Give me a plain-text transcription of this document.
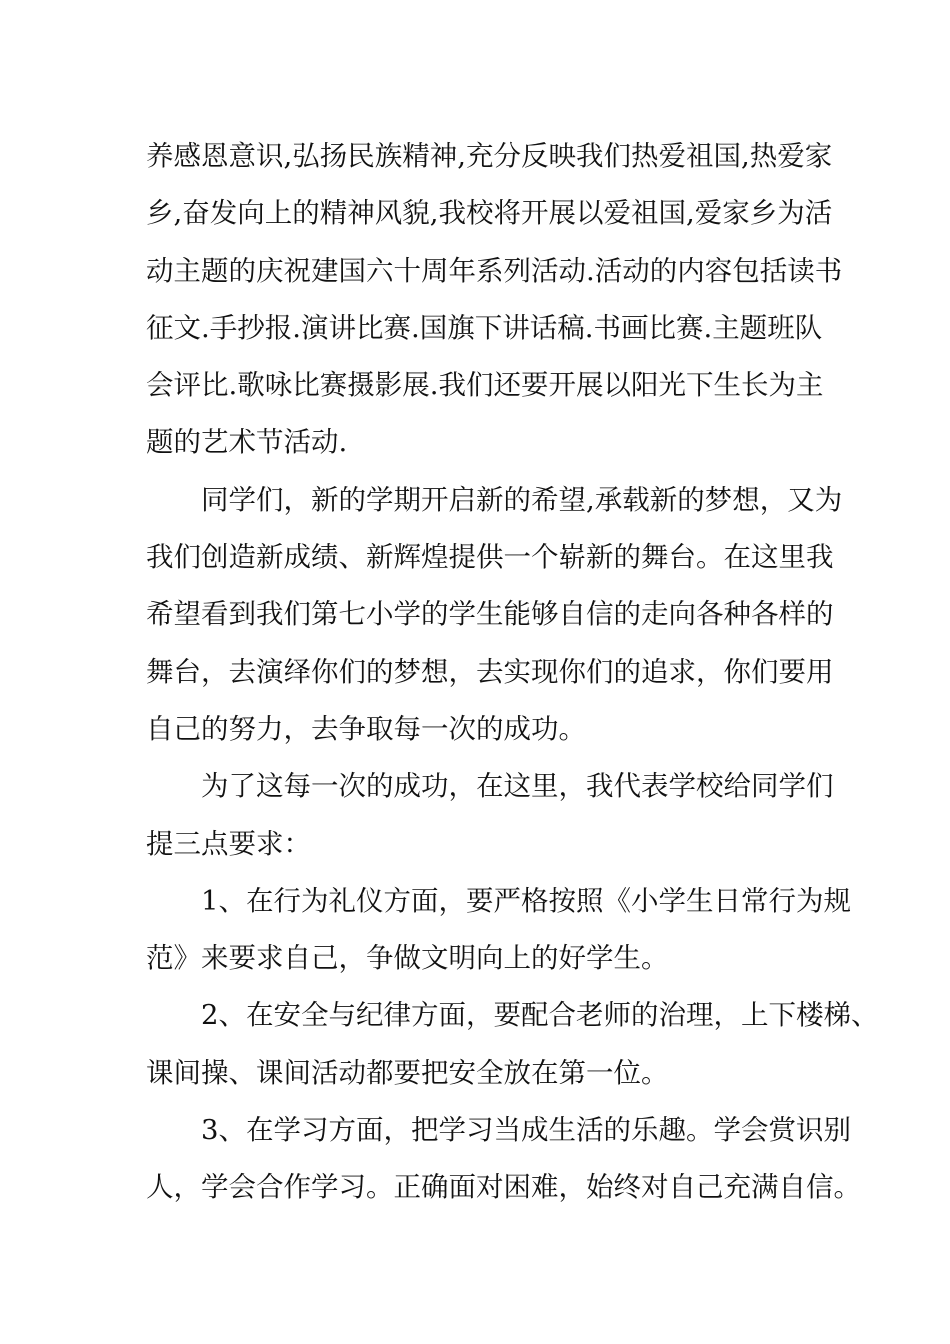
养感恩意识,弘扬民族精神,充分反映我们热爱祖国,热爱家
乡,奋发向上的精神风貌,我校将开展以爱祖国,爱家乡为活
动主题的庆祝建国六十周年系列活动.活动的内容包括读书
征文.手抄报.演讲比赛.国旗下讲话稿.书画比赛.主题班队
会评比.歌咏比赛摄影展.我们还要开展以阳光下生长为主
题的艺术节活动.
同学们，新的学期开启新的希望,承载新的梦想，又为
我们创造新成绩、新辉煌提供一个崭新的舞台。在这里我
希望看到我们第七小学的学生能够自信的走向各种各样的
舞台，去演绎你们的梦想，去实现你们的追求，你们要用
自己的努力，去争取每一次的成功。
为了这每一次的成功，在这里，我代表学校给同学们
提三点要求：
1、在行为礼仪方面，要严格按照《小学生日常行为规
范》来要求自己，争做文明向上的好学生。
2、在安全与纪律方面，要配合老师的治理，上下楼梯、
课间操、课间活动都要把安全放在第一位。
3、在学习方面，把学习当成生活的乐趣。学会赏识别
人，学会合作学习。正确面对困难，始终对自己充满自信。
